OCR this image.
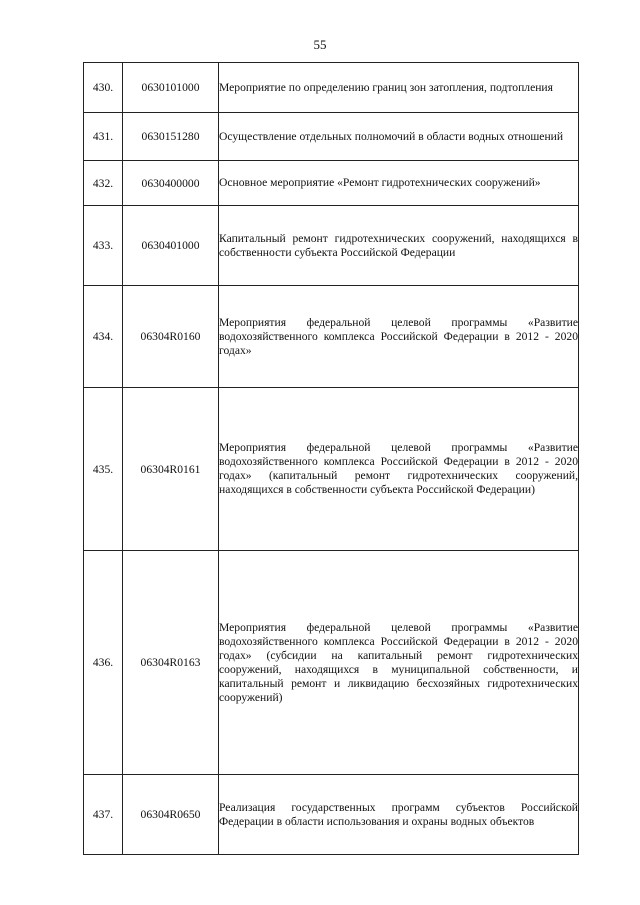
55
430.	0630101000	Мероприятие по определению границ зон затопления, подтопления

431.	0630151280	Осуществление отдельных полномочий в области водных отношений

432.	0630400000	Основное мероприятие «Ремонт гидротехнических сооружений»

433.	0630401000	Капитальный ремонт гидротехнических сооружений, находящихся в собственности субъекта Российской Федерации

434.	06304R0160	Мероприятия федеральной целевой программы «Развитие водохозяйственного комплекса Российской Федерации в 2012 - 2020 годах»

435.	06304R0161	Мероприятия федеральной целевой программы «Развитие водохозяйственного комплекса Российской Федерации в 2012 - 2020 годах» (капитальный ремонт гидротехнических сооружений, находящихся в собственности субъекта Российской Федерации)

436.	06304R0163	Мероприятия федеральной целевой программы «Развитие водохозяйственного комплекса Российской Федерации в 2012 - 2020 годах» (субсидии на капитальный ремонт гидротехнических сооружений, находящихся в муниципальной собственности, и капитальный ремонт и ликвидацию бесхозяйных гидротехнических сооружений)

437.	06304R0650	Реализация государственных программ субъектов Российской Федерации в области использования и охраны водных объектов
